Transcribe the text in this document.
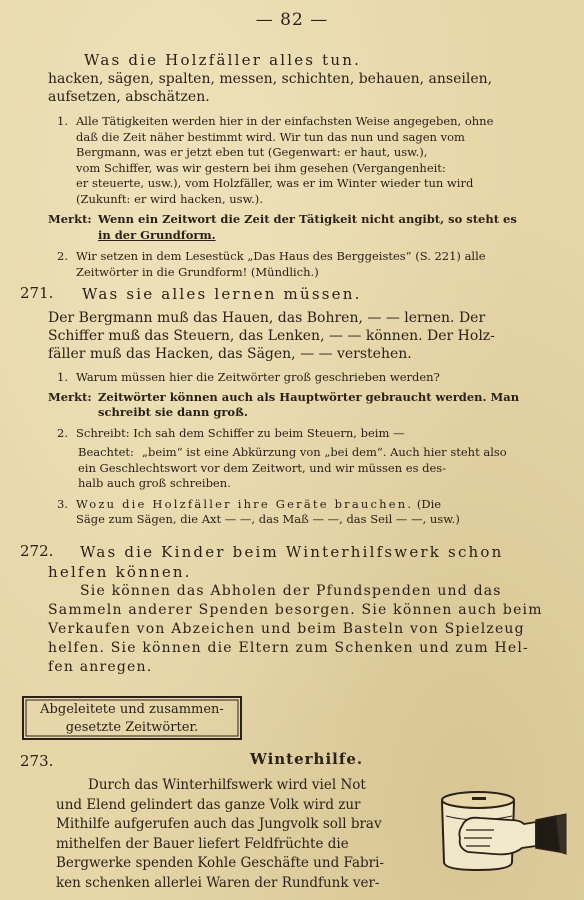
— 82 —
Was die Holzfäller alles tun.
hacken, sägen, spalten, messen, schichten, behauen, anseilen, aufsetzen, abschätzen.
1. Alle Tätigkeiten werden hier in der einfachsten Weise angegeben, ohne
daß die Zeit näher bestimmt wird. Wir tun das nun und sagen vom
Bergmann, was er jetzt eben tut (Gegenwart: er haut, usw.),
vom Schiffer, was wir gestern bei ihm gesehen (Vergangenheit:
er steuerte, usw.), vom Holzfäller, was er im Winter wieder tun wird
(Zukunft: er wird hacken, usw.).
Merkt: Wenn ein Zeitwort die Zeit der Tätigkeit nicht angibt, so steht es
in der Grundform.
2. Wir setzen in dem Lesestück „Das Haus des Berggeistes“ (S. 221) alle
Zeitwörter in die Grundform! (Mündlich.)
271.	Was sie alles lernen müssen.
Der Bergmann muß das Hauen, das Bohren, — — lernen. Der
Schiffer muß das Steuern, das Lenken, — — können. Der Holz-
fäller muß das Hacken, das Sägen, — — verstehen.
1. Warum müssen hier die Zeitwörter groß geschrieben werden?
Merkt: Zeitwörter können auch als Hauptwörter gebraucht werden. Man
schreibt sie dann groß.
2. Schreibt: Ich sah dem Schiffer zu beim Steuern, beim —
Beachtet: „beim“ ist eine Abkürzung von „bei dem“. Auch hier steht also
ein Geschlechtswort vor dem Zeitwort, und wir müssen es des-
halb auch groß schreiben.
3. Wozu die Holzfäller ihre Geräte brauchen. (Die
Säge zum Sägen, die Axt — —, das Maß — —, das Seil — —, usw.)
272. Was die Kinder beim Winterhilfswerk schon
helfen können.
Sie können das Abholen der Pfundspenden und das
Sammeln anderer Spenden besorgen. Sie können auch beim
Verkaufen von Abzeichen und beim Basteln von Spielzeug
helfen. Sie können die Eltern zum Schenken und zum Hel-
fen anregen.
Abgeleitete und zusammen-
gesetzte Zeitwörter.
273.	Winterhilfe.
Durch das Winterhilfswerk wird viel Not
und Elend gelindert das ganze Volk wird zur
Mithilfe aufgerufen auch das Jungvolk soll brav
mithelfen der Bauer liefert Feldfrüchte die
Bergwerke spenden Kohle Geschäfte und Fabri-
ken schenken allerlei Waren der Rundfunk ver-
